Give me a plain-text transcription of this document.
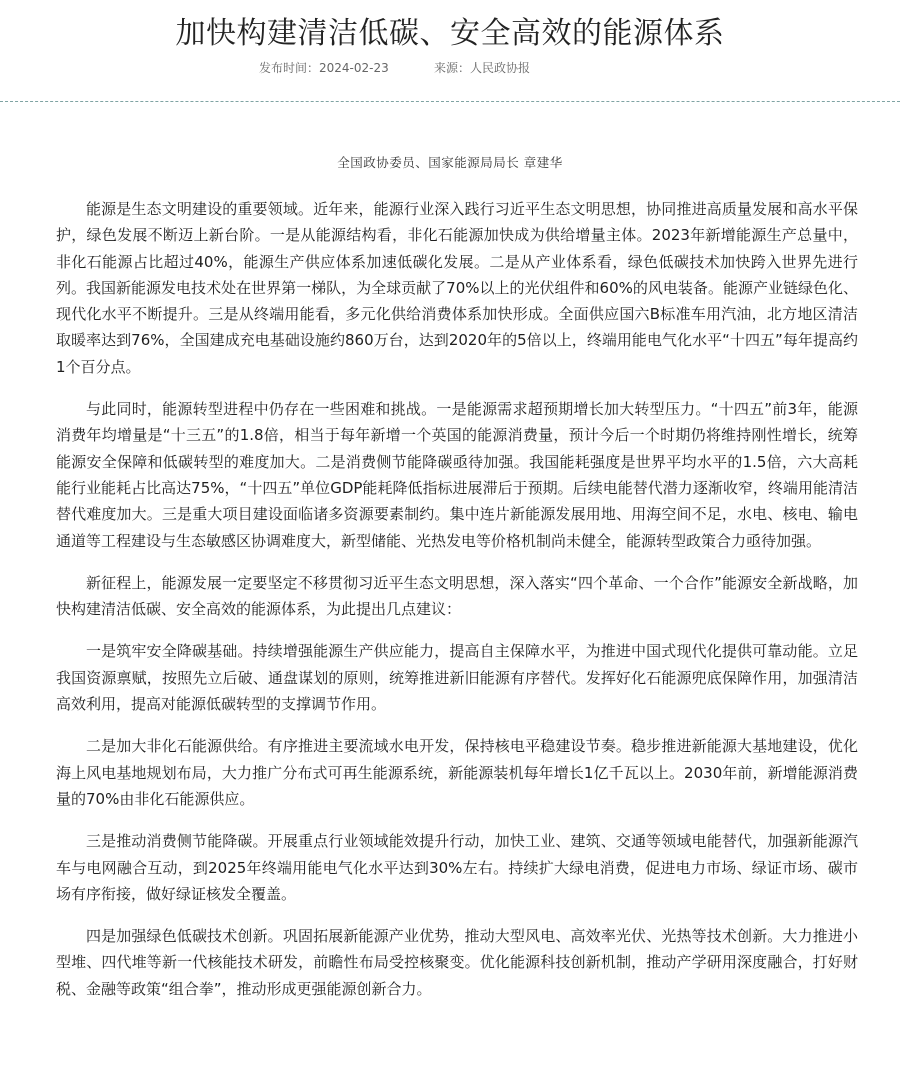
加快构建清洁低碳、安全高效的能源体系
发布时间：2024-02-23	来源：人民政协报
全国政协委员、国家能源局局长 章建华

能源是生态文明建设的重要领域。近年来，能源行业深入践行习近平生态文明思想，协同推进高质量发展和高水平保护，绿色发展不断迈上新台阶。一是从能源结构看，非化石能源加快成为供给增量主体。2023年新增能源生产总量中，非化石能源占比超过40%，能源生产供应体系加速低碳化发展。二是从产业体系看，绿色低碳技术加快跨入世界先进行列。我国新能源发电技术处在世界第一梯队，为全球贡献了70%以上的光伏组件和60%的风电装备。能源产业链绿色化、现代化水平不断提升。三是从终端用能看，多元化供给消费体系加快形成。全面供应国六B标准车用汽油，北方地区清洁取暖率达到76%，全国建成充电基础设施约860万台，达到2020年的5倍以上，终端用能电气化水平“十四五”每年提高约1个百分点。

与此同时，能源转型进程中仍存在一些困难和挑战。一是能源需求超预期增长加大转型压力。“十四五”前3年，能源消费年均增量是“十三五”的1.8倍，相当于每年新增一个英国的能源消费量，预计今后一个时期仍将维持刚性增长，统筹能源安全保障和低碳转型的难度加大。二是消费侧节能降碳亟待加强。我国能耗强度是世界平均水平的1.5倍，六大高耗能行业能耗占比高达75%，“十四五”单位GDP能耗降低指标进展滞后于预期。后续电能替代潜力逐渐收窄，终端用能清洁替代难度加大。三是重大项目建设面临诸多资源要素制约。集中连片新能源发展用地、用海空间不足，水电、核电、输电通道等工程建设与生态敏感区协调难度大，新型储能、光热发电等价格机制尚未健全，能源转型政策合力亟待加强。

新征程上，能源发展一定要坚定不移贯彻习近平生态文明思想，深入落实“四个革命、一个合作”能源安全新战略，加快构建清洁低碳、安全高效的能源体系，为此提出几点建议：

一是筑牢安全降碳基础。持续增强能源生产供应能力，提高自主保障水平，为推进中国式现代化提供可靠动能。立足我国资源禀赋，按照先立后破、通盘谋划的原则，统筹推进新旧能源有序替代。发挥好化石能源兜底保障作用，加强清洁高效利用，提高对能源低碳转型的支撑调节作用。

二是加大非化石能源供给。有序推进主要流域水电开发，保持核电平稳建设节奏。稳步推进新能源大基地建设，优化海上风电基地规划布局，大力推广分布式可再生能源系统，新能源装机每年增长1亿千瓦以上。2030年前，新增能源消费量的70%由非化石能源供应。

三是推动消费侧节能降碳。开展重点行业领域能效提升行动，加快工业、建筑、交通等领域电能替代，加强新能源汽车与电网融合互动，到2025年终端用能电气化水平达到30%左右。持续扩大绿电消费，促进电力市场、绿证市场、碳市场有序衔接，做好绿证核发全覆盖。

四是加强绿色低碳技术创新。巩固拓展新能源产业优势，推动大型风电、高效率光伏、光热等技术创新。大力推进小型堆、四代堆等新一代核能技术研发，前瞻性布局受控核聚变。优化能源科技创新机制，推动产学研用深度融合，打好财税、金融等政策“组合拳”，推动形成更强能源创新合力。
